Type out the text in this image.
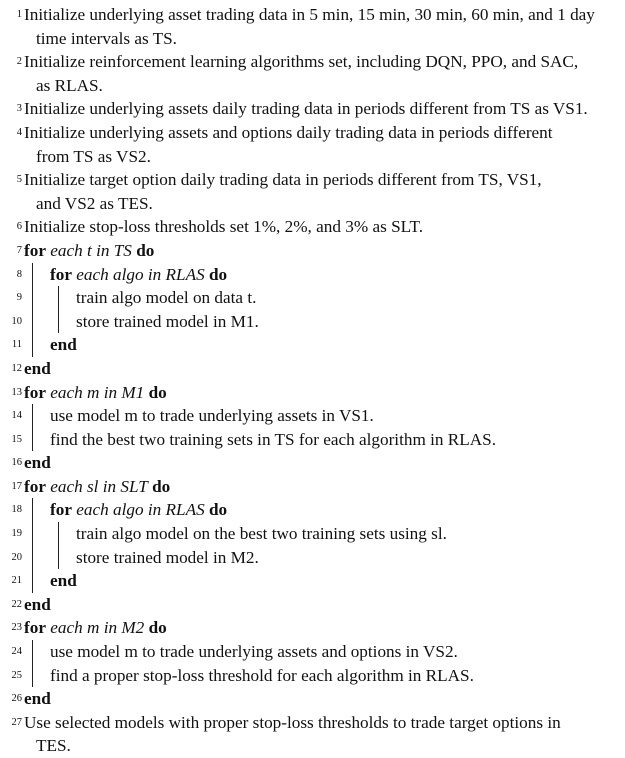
1 Initialize underlying asset trading data in 5 min, 15 min, 30 min, 60 min, and 1 day
time intervals as TS.
2 Initialize reinforcement learning algorithms set, including DQN, PPO, and SAC,
as RLAS.
3 Initialize underlying assets daily trading data in periods different from TS as VS1.
4 Initialize underlying assets and options daily trading data in periods different
from TS as VS2.
5 Initialize target option daily trading data in periods different from TS, VS1,
and VS2 as TES.
6 Initialize stop-loss thresholds set 1%, 2%, and 3% as SLT.
7 for each t in TS do
8	for each algo in RLAS do
9	train algo model on data t.
10	store trained model in M1.
11	end
12 end
13 for each m in M1 do
14	use model m to trade underlying assets in VS1.
15	find the best two training sets in TS for each algorithm in RLAS.
16 end
17 for each sl in SLT do
18	for each algo in RLAS do
19	train algo model on the best two training sets using sl.
20	store trained model in M2.
21	end
22 end
23 for each m in M2 do
24	use model m to trade underlying assets and options in VS2.
25	find a proper stop-loss threshold for each algorithm in RLAS.
26 end
27 Use selected models with proper stop-loss thresholds to trade target options in
TES.
